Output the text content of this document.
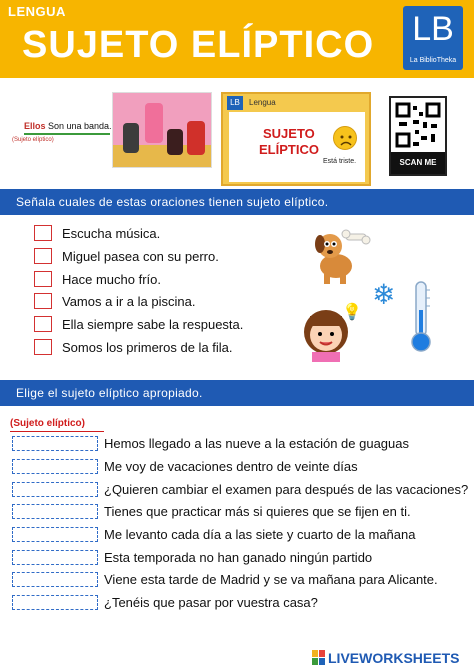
LENGUA
SUJETO ELÍPTICO LB
La BiblioTheka
Ellos Son una banda.
(Sujeto elíptico)
LB	Lengua
SUJETO
ELÍPTICO
Está triste.	SCAN ME
Señala cuales de estas oraciones tienen sujeto elíptico.
Escucha música.
Miguel pasea con su perro.
Hace mucho frío.
Vamos a ir a la piscina.
Ella siempre sabe la respuesta.
Somos los primeros de la fila.
❄
💡
Elige el sujeto elíptico apropiado.
(Sujeto elíptico)
Hemos llegado a las nueve a la estación de guaguas
Me voy de vacaciones dentro de veinte días
¿Quieren cambiar el examen para después de las vacaciones?
Tienes que practicar más si quieres que se fijen en ti.
Me levanto cada día a las siete y cuarto de la mañana
Esta temporada no han ganado ningún partido
Viene esta tarde de Madrid y se va mañana para Alicante.
¿Tenéis que pasar por vuestra casa?
LIVEWORKSHEETS
